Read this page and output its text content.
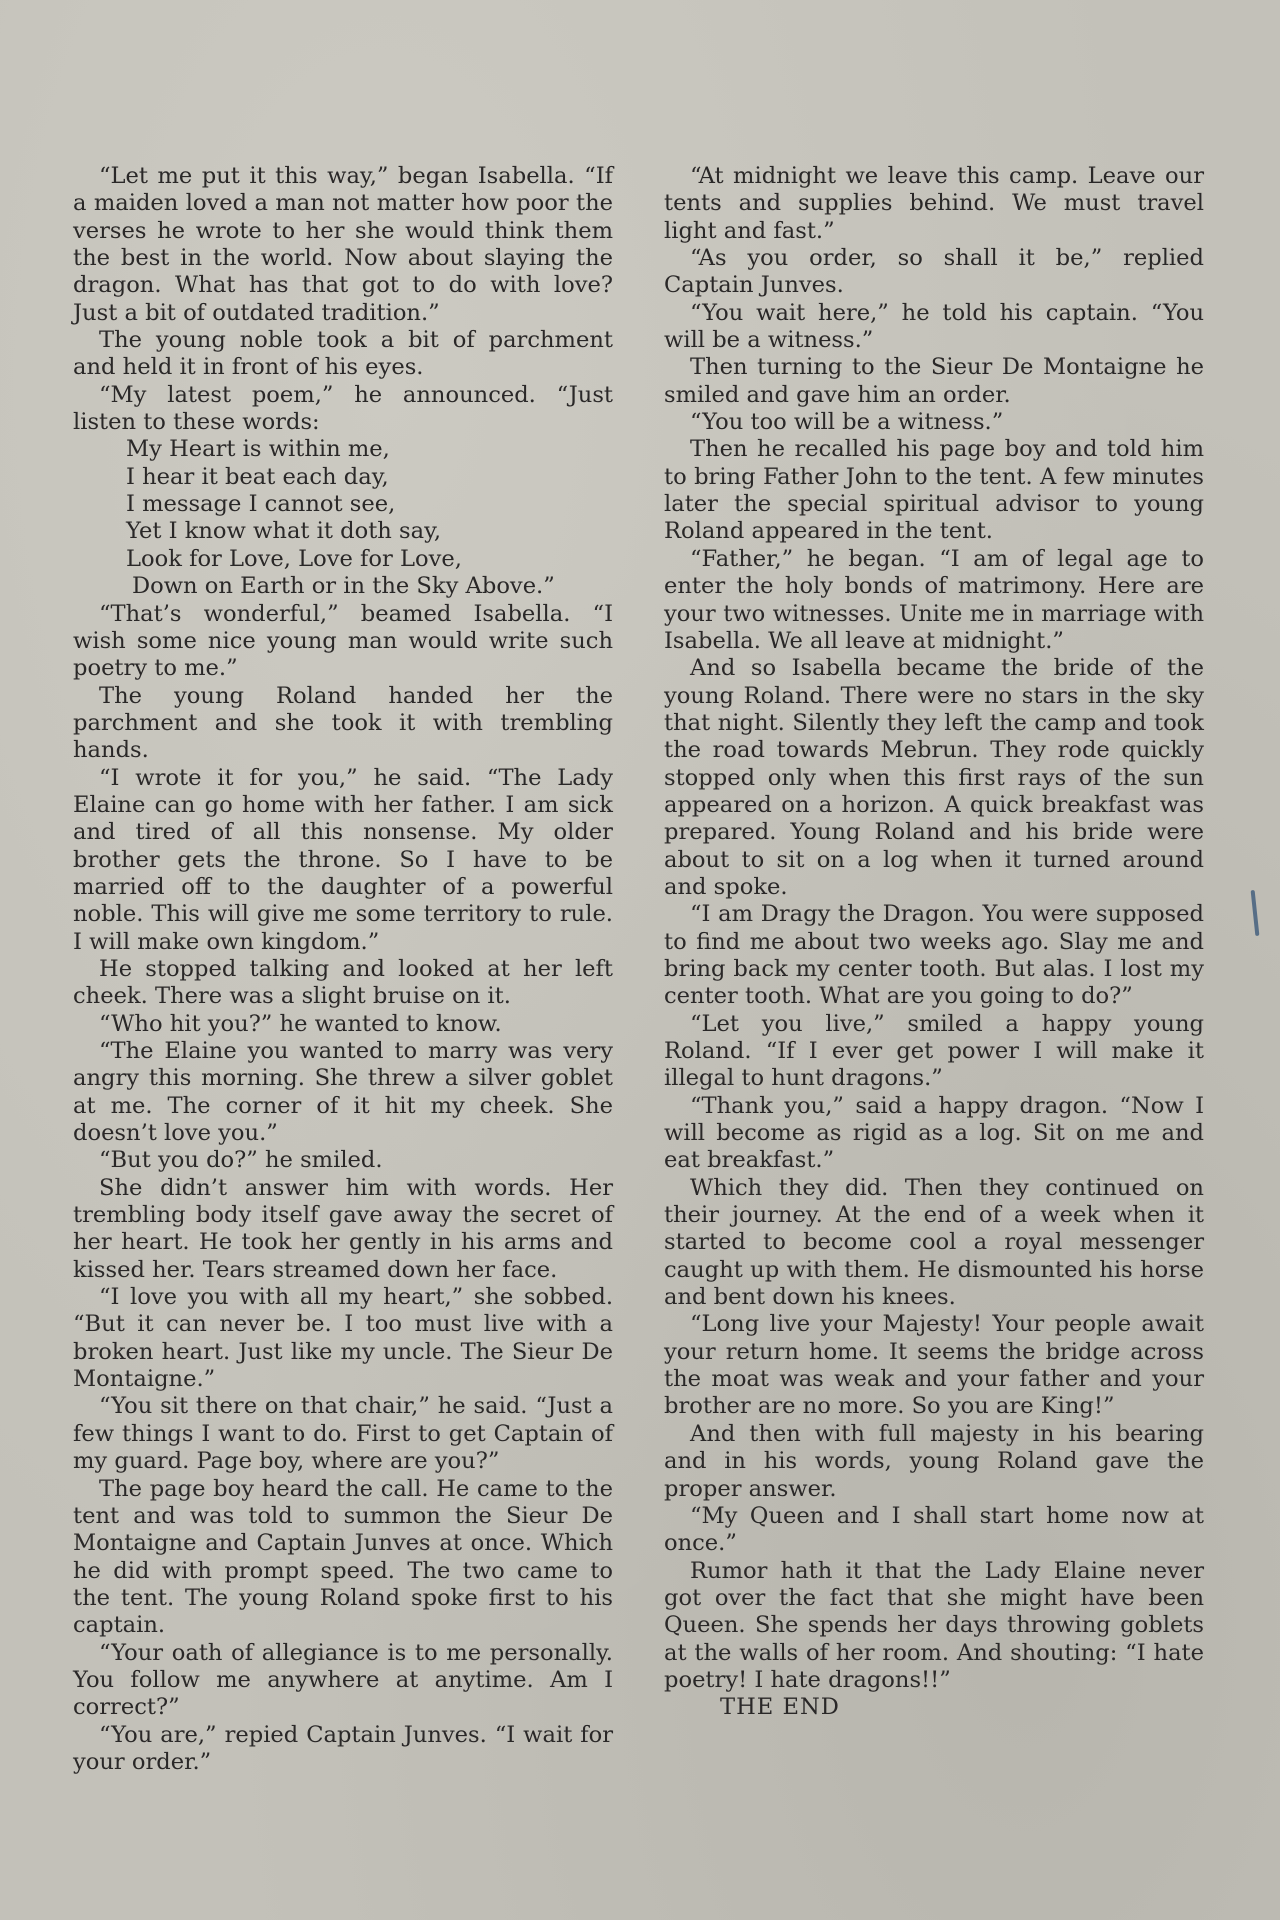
“Let me put it this way,” began Isabella. “If a maiden loved a man not matter how poor the verses he wrote to her she would think them the best in the world. Now about slaying the dragon. What has that got to do with love? Just a bit of outdated tradition.”

The young noble took a bit of parchment and held it in front of his eyes.

“My latest poem,” he announced. “Just listen to these words:

My Heart is within me,
I hear it beat each day,
I message I cannot see,
Yet I know what it doth say,
Look for Love, Love for Love,
Down on Earth or in the Sky Above.”

“That’s wonderful,” beamed Isabella. “I wish some nice young man would write such poetry to me.”

The young Roland handed her the parchment and she took it with trembling hands.

“I wrote it for you,” he said. “The Lady Elaine can go home with her father. I am sick and tired of all this nonsense. My older brother gets the throne. So I have to be married off to the daughter of a powerful noble. This will give me some territory to rule. I will make own kingdom.”

He stopped talking and looked at her left cheek. There was a slight bruise on it.

“Who hit you?” he wanted to know.

“The Elaine you wanted to marry was very angry this morning. She threw a silver goblet at me. The corner of it hit my cheek. She doesn’t love you.”

“But you do?” he smiled.

She didn’t answer him with words. Her trembling body itself gave away the secret of her heart. He took her gently in his arms and kissed her. Tears streamed down her face.

“I love you with all my heart,” she sobbed. “But it can never be. I too must live with a broken heart. Just like my uncle. The Sieur De Montaigne.”

“You sit there on that chair,” he said. “Just a few things I want to do. First to get Captain of my guard. Page boy, where are you?”

The page boy heard the call. He came to the tent and was told to summon the Sieur De Montaigne and Captain Junves at once. Which he did with prompt speed. The two came to the tent. The young Roland spoke first to his captain.

“Your oath of allegiance is to me personally. You follow me anywhere at anytime. Am I correct?”

“You are,” repied Captain Junves. “I wait for your order.”

“At midnight we leave this camp. Leave our tents and supplies behind. We must travel light and fast.”

“As you order, so shall it be,” replied Captain Junves.

“You wait here,” he told his captain. “You will be a witness.”

Then turning to the Sieur De Montaigne he smiled and gave him an order.

“You too will be a witness.”

Then he recalled his page boy and told him to bring Father John to the tent. A few minutes later the special spiritual advisor to young Roland appeared in the tent.

“Father,” he began. “I am of legal age to enter the holy bonds of matrimony. Here are your two witnesses. Unite me in marriage with Isabella. We all leave at midnight.”

And so Isabella became the bride of the young Roland. There were no stars in the sky that night. Silently they left the camp and took the road towards Mebrun. They rode quickly stopped only when this first rays of the sun appeared on a horizon. A quick breakfast was prepared. Young Roland and his bride were about to sit on a log when it turned around and spoke.

“I am Dragy the Dragon. You were supposed to find me about two weeks ago. Slay me and bring back my center tooth. But alas. I lost my center tooth. What are you going to do?”

“Let you live,” smiled a happy young Roland. “If I ever get power I will make it illegal to hunt dragons.”

“Thank you,” said a happy dragon. “Now I will become as rigid as a log. Sit on me and eat breakfast.”

Which they did. Then they continued on their journey. At the end of a week when it started to become cool a royal messenger caught up with them. He dismounted his horse and bent down his knees.

“Long live your Majesty! Your people await your return home. It seems the bridge across the moat was weak and your father and your brother are no more. So you are King!”

And then with full majesty in his bearing and in his words, young Roland gave the proper answer.

“My Queen and I shall start home now at once.”

Rumor hath it that the Lady Elaine never got over the fact that she might have been Queen. She spends her days throwing goblets at the walls of her room. And shouting: “I hate poetry! I hate dragons!!”

THE END
